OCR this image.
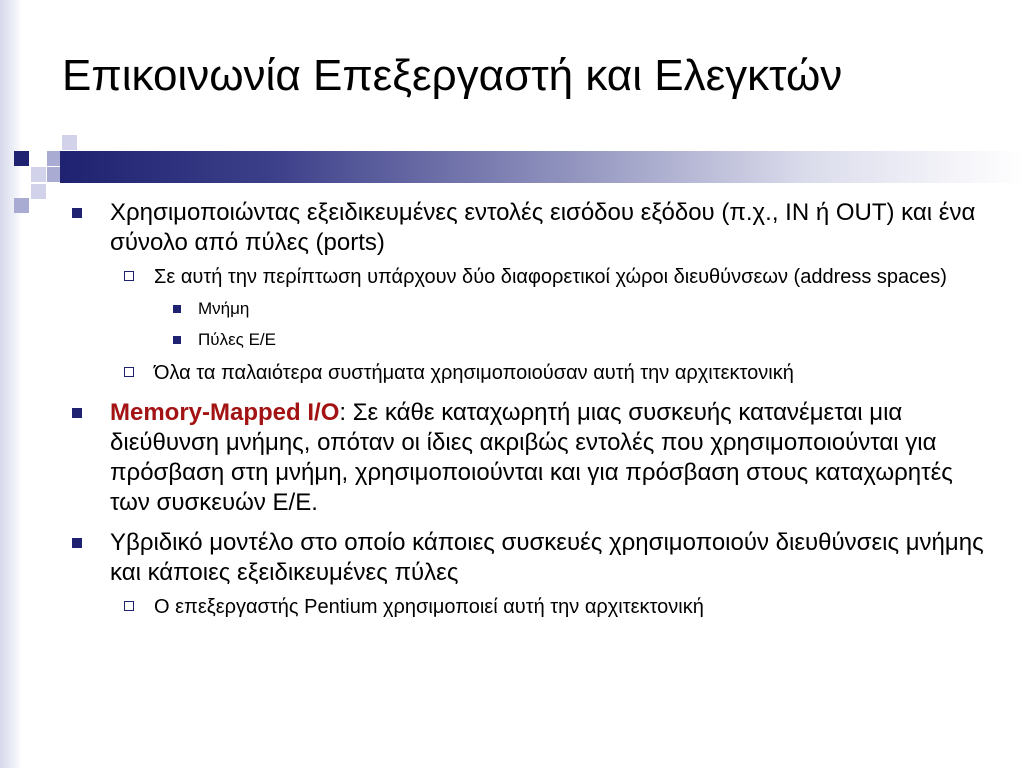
Επικοινωνία Επεξεργαστή και Ελεγκτών

Χρησιμοποιώντας εξειδικευμένες εντολές εισόδου εξόδου (π.χ., IN ή OUT) και ένα σύνολο από πύλες (ports)

Σε αυτή την περίπτωση υπάρχουν δύο διαφορετικοί χώροι διευθύνσεων (address spaces)

Μνήμη

Πύλες Ε/Ε

Όλα τα παλαιότερα συστήματα χρησιμοποιούσαν αυτή την αρχιτεκτονική

Memory-Mapped I/O: Σε κάθε καταχωρητή μιας συσκευής κατανέμεται μια διεύθυνση μνήμης, οπόταν οι ίδιες ακριβώς εντολές που χρησιμοποιούνται για πρόσβαση στη μνήμη, χρησιμοποιούνται και για πρόσβαση στους καταχωρητές των συσκευών Ε/Ε.

Υβριδικό μοντέλο στο οποίο κάποιες συσκευές χρησιμοποιούν διευθύνσεις μνήμης και κάποιες εξειδικευμένες πύλες

Ο επεξεργαστής Pentium χρησιμοποιεί αυτή την αρχιτεκτονική
